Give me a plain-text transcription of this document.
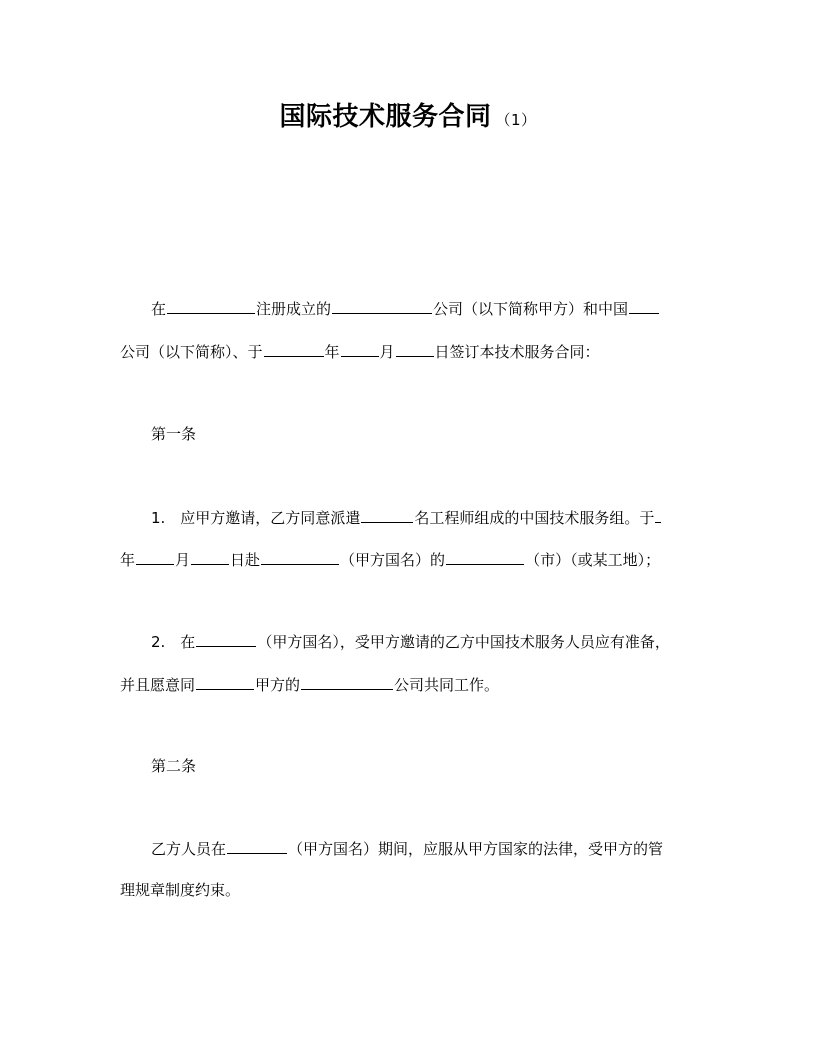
国际技术服务合同 （1）
在	注册成立的	公司（以下简称甲方）和中国
公司（以下简称）、于	年	月	日签订本技术服务合同：
第一条
1.　应甲方邀请，乙方同意派遣	名工程师组成的中国技术服务组。于
年	月	日赴	（甲方国名）的	（市）（或某工地）；
2.　在	（甲方国名），受甲方邀请的乙方中国技术服务人员应有准备，
并且愿意同	甲方的	公司共同工作。
第二条
乙方人员在	（甲方国名）期间，应服从甲方国家的法律，受甲方的管
理规章制度约束。
